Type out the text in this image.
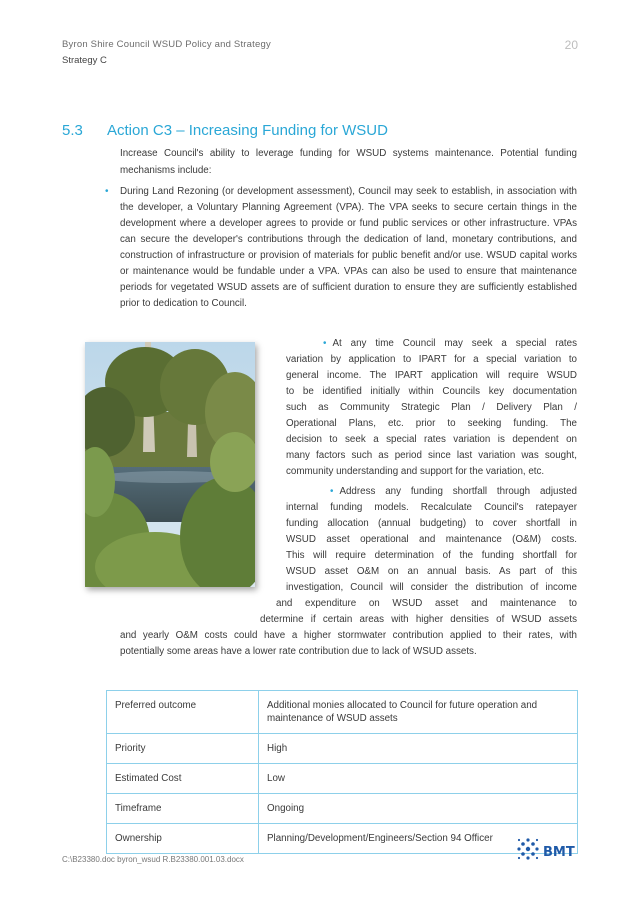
Byron Shire Council WSUD Policy and Strategy
Strategy C
20
5.3 Action C3 – Increasing Funding for WSUD
Increase Council's ability to leverage funding for WSUD systems maintenance. Potential funding mechanisms include:
• During Land Rezoning (or development assessment), Council may seek to establish, in association with the developer, a Voluntary Planning Agreement (VPA). The VPA seeks to secure certain things in the development where a developer agrees to provide or fund public services or other infrastructure. VPAs can secure the developer's contributions through the dedication of land, monetary contributions, and construction of infrastructure or provision of materials for public benefit and/or use. WSUD capital works or maintenance would be fundable under a VPA. VPAs can also be used to ensure that maintenance periods for vegetated WSUD assets are of sufficient duration to ensure they are sufficiently established prior to dedication to Council.
• At any time Council may seek a special rates
variation by application to IPART for a special variation to
general income. The IPART application will require WSUD
to be identified initially within Councils key documentation
such as Community Strategic Plan / Delivery Plan /
Operational Plans, etc. prior to seeking funding. The
decision to seek a special rates variation is dependent on
many factors such as period since last variation was sought,
community understanding and support for the variation, etc.
• Address any funding shortfall through adjusted
internal funding models. Recalculate Council's ratepayer
funding allocation (annual budgeting) to cover shortfall in
WSUD asset operational and maintenance (O&M) costs.
This will require determination of the funding shortfall for
WSUD asset O&M on an annual basis. As part of this
investigation, Council will consider the distribution of income
and expenditure on WSUD asset and maintenance to
determine if certain areas with higher densities of WSUD assets
and yearly O&M costs could have a higher stormwater contribution applied to their rates, with
potentially some areas have a lower rate contribution due to lack of WSUD assets.
Preferred outcome	Additional monies allocated to Council for future operation and maintenance of WSUD assets
Priority	High
Estimated Cost	Low
Timeframe	Ongoing
Ownership	Planning/Development/Engineers/Section 94 Officer
C:\B23380.doc byron_wsud R.B23380.001.03.docx	BMT
